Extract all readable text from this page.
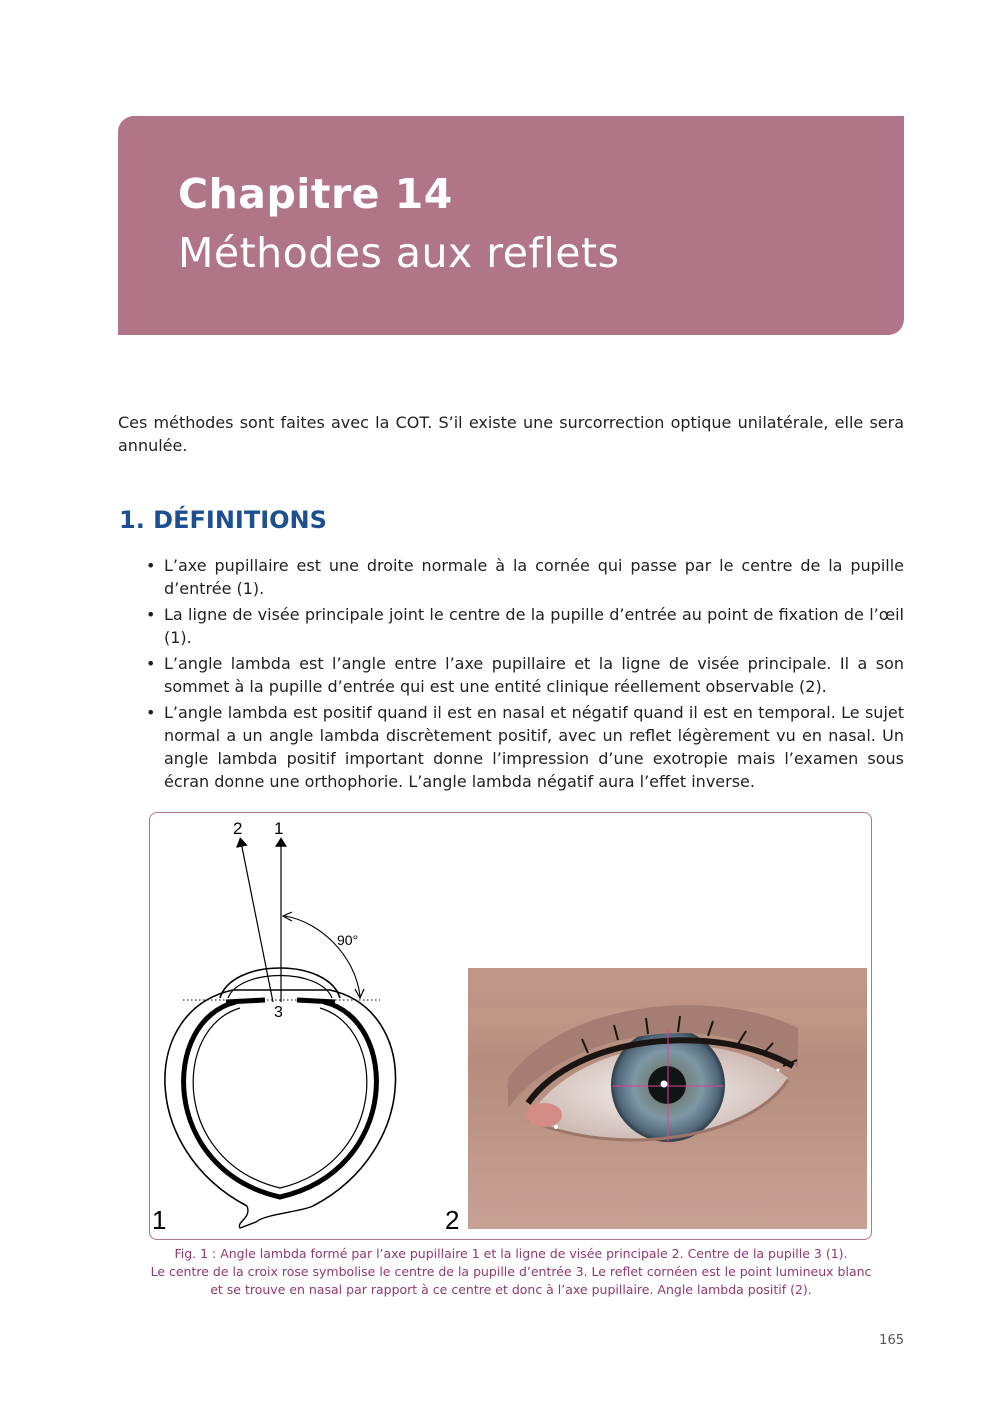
Chapitre 14
Méthodes aux reflets

Ces méthodes sont faites avec la COT. S’il existe une surcorrection optique unilatérale, elle sera annulée.

1. DÉFINITIONS
• L’axe pupillaire est une droite normale à la cornée qui passe par le centre de la pupille d’entrée (1).
• La ligne de visée principale joint le centre de la pupille d’entrée au point de fixation de l’œil (1).
• L’angle lambda est l’angle entre l’axe pupillaire et la ligne de visée principale. Il a son sommet à la pupille d’entrée qui est une entité clinique réellement observable (2).
• L’angle lambda est positif quand il est en nasal et négatif quand il est en temporal. Le sujet normal a un angle lambda discrètement positif, avec un reflet légèrement vu en nasal. Un angle lambda positif important donne l’impression d’une exotropie mais l’examen sous écran donne une orthophorie. L’angle lambda négatif aura l’effet inverse.
2 1
90°
3
1	2

Fig. 1 : Angle lambda formé par l’axe pupillaire 1 et la ligne de visée principale 2. Centre de la pupille 3 (1).
Le centre de la croix rose symbolise le centre de la pupille d’entrée 3. Le reflet cornéen est le point lumineux blanc
et se trouve en nasal par rapport à ce centre et donc à l’axe pupillaire. Angle lambda positif (2).

165
